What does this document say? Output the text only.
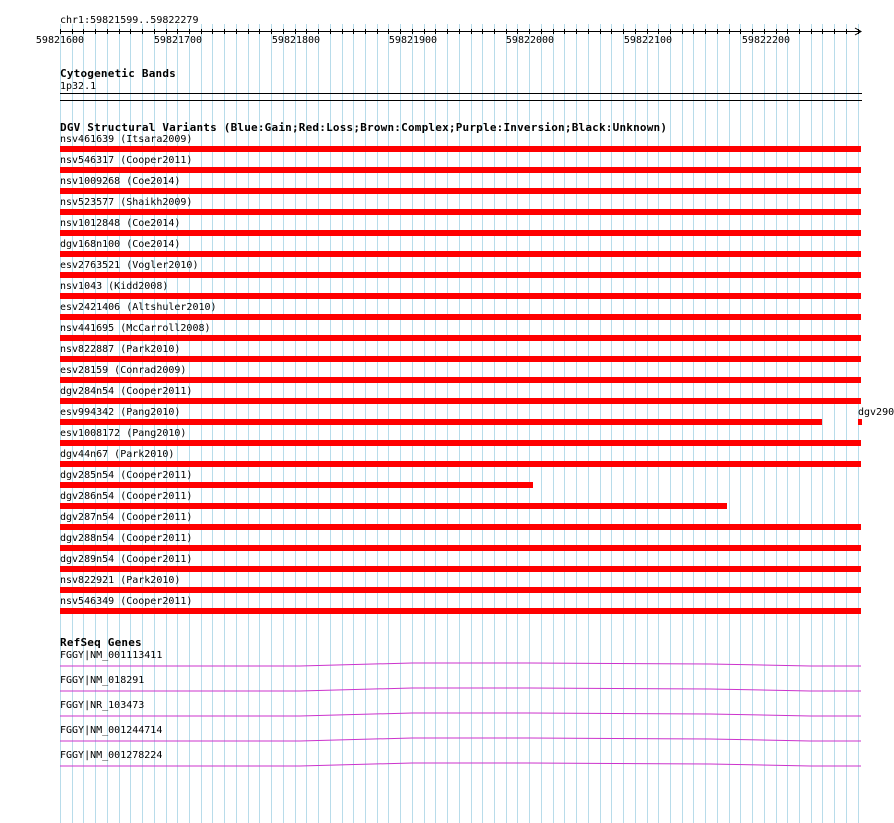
chr1:59821599..59822279
59821600	59821700	59821800	59821900	59822000	59822100	59822200
Cytogenetic Bands
1p32.1
DGV Structural Variants (Blue:Gain;Red:Loss;Brown:Complex;Purple:Inversion;Black:Unknown)
nsv461639 (Itsara2009)
nsv546317 (Cooper2011)
nsv1009268 (Coe2014)
nsv523577 (Shaikh2009)
nsv1012848 (Coe2014)
dgv168n100 (Coe2014)
esv2763521 (Vogler2010)
nsv1043 (Kidd2008)
esv2421406 (Altshuler2010)
nsv441695 (McCarroll2008)
nsv822887 (Park2010)
esv28159 (Conrad2009)
dgv284n54 (Cooper2011)
esv994342 (Pang2010)
esv1008172 (Pang2010)
dgv44n67 (Park2010)
dgv285n54 (Cooper2011)
dgv286n54 (Cooper2011)
dgv287n54 (Cooper2011)
dgv288n54 (Cooper2011)
dgv289n54 (Cooper2011)
nsv822921 (Park2010)
nsv546349 (Cooper2011)
dgv290
RefSeq Genes
FGGY|NM_001113411
FGGY|NM_018291
FGGY|NR_103473
FGGY|NM_001244714
FGGY|NM_001278224
